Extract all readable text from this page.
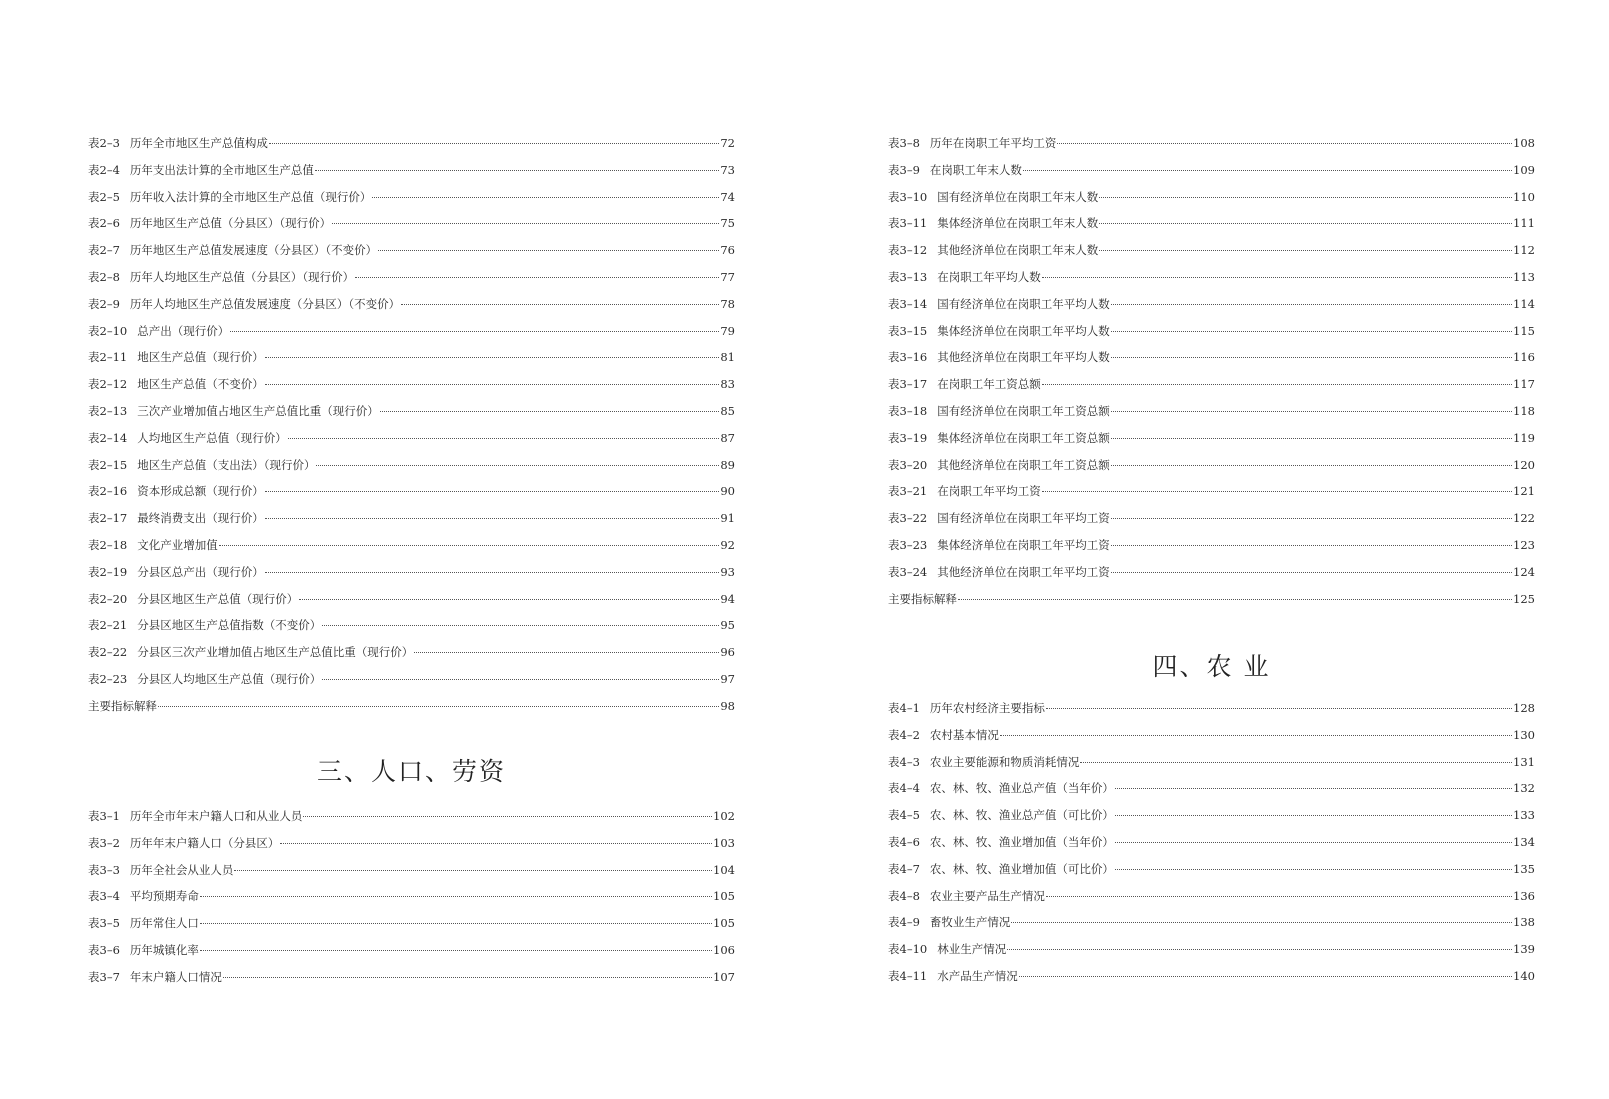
表2–3 历年全市地区生产总值构成	72
表2–4 历年支出法计算的全市地区生产总值	73
表2–5 历年收入法计算的全市地区生产总值（现行价）	74
表2–6 历年地区生产总值（分县区）（现行价）	75
表2–7 历年地区生产总值发展速度（分县区）（不变价）	76
表2–8 历年人均地区生产总值（分县区）（现行价）	77
表2–9 历年人均地区生产总值发展速度（分县区）（不变价）	78
表2–10 总产出（现行价）	79
表2–11 地区生产总值（现行价）	81
表2–12 地区生产总值（不变价）	83
表2–13 三次产业增加值占地区生产总值比重（现行价）	85
表2–14 人均地区生产总值（现行价）	87
表2–15 地区生产总值（支出法）（现行价）	89
表2–16 资本形成总额（现行价）	90
表2–17 最终消费支出（现行价）	91
表2–18 文化产业增加值	92
表2–19 分县区总产出（现行价）	93
表2–20 分县区地区生产总值（现行价）	94
表2–21 分县区地区生产总值指数（不变价）	95
表2–22 分县区三次产业增加值占地区生产总值比重（现行价）	96
表2–23 分县区人均地区生产总值（现行价）	97
主要指标解释	98
三、人口、劳资
表3–1 历年全市年末户籍人口和从业人员	102
表3–2 历年年末户籍人口（分县区）	103
表3–3 历年全社会从业人员	104
表3–4 平均预期寿命	105
表3–5 历年常住人口	105
表3–6 历年城镇化率	106
表3–7 年末户籍人口情况	107
表3–8 历年在岗职工年平均工资	108
表3–9 在岗职工年末人数	109
表3–10 国有经济单位在岗职工年末人数	110
表3–11 集体经济单位在岗职工年末人数	111
表3–12 其他经济单位在岗职工年末人数	112
表3–13 在岗职工年平均人数	113
表3–14 国有经济单位在岗职工年平均人数	114
表3–15 集体经济单位在岗职工年平均人数	115
表3–16 其他经济单位在岗职工年平均人数	116
表3–17 在岗职工年工资总额	117
表3–18 国有经济单位在岗职工年工资总额	118
表3–19 集体经济单位在岗职工年工资总额	119
表3–20 其他经济单位在岗职工年工资总额	120
表3–21 在岗职工年平均工资	121
表3–22 国有经济单位在岗职工年平均工资	122
表3–23 集体经济单位在岗职工年平均工资	123
表3–24 其他经济单位在岗职工年平均工资	124
主要指标解释	125
四、农 业
表4–1 历年农村经济主要指标	128
表4–2 农村基本情况	130
表4–3 农业主要能源和物质消耗情况	131
表4–4 农、林、牧、渔业总产值（当年价）	132
表4–5 农、林、牧、渔业总产值（可比价）	133
表4–6 农、林、牧、渔业增加值（当年价）	134
表4–7 农、林、牧、渔业增加值（可比价）	135
表4–8 农业主要产品生产情况	136
表4–9 畜牧业生产情况	138
表4–10 林业生产情况	139
表4–11 水产品生产情况	140
